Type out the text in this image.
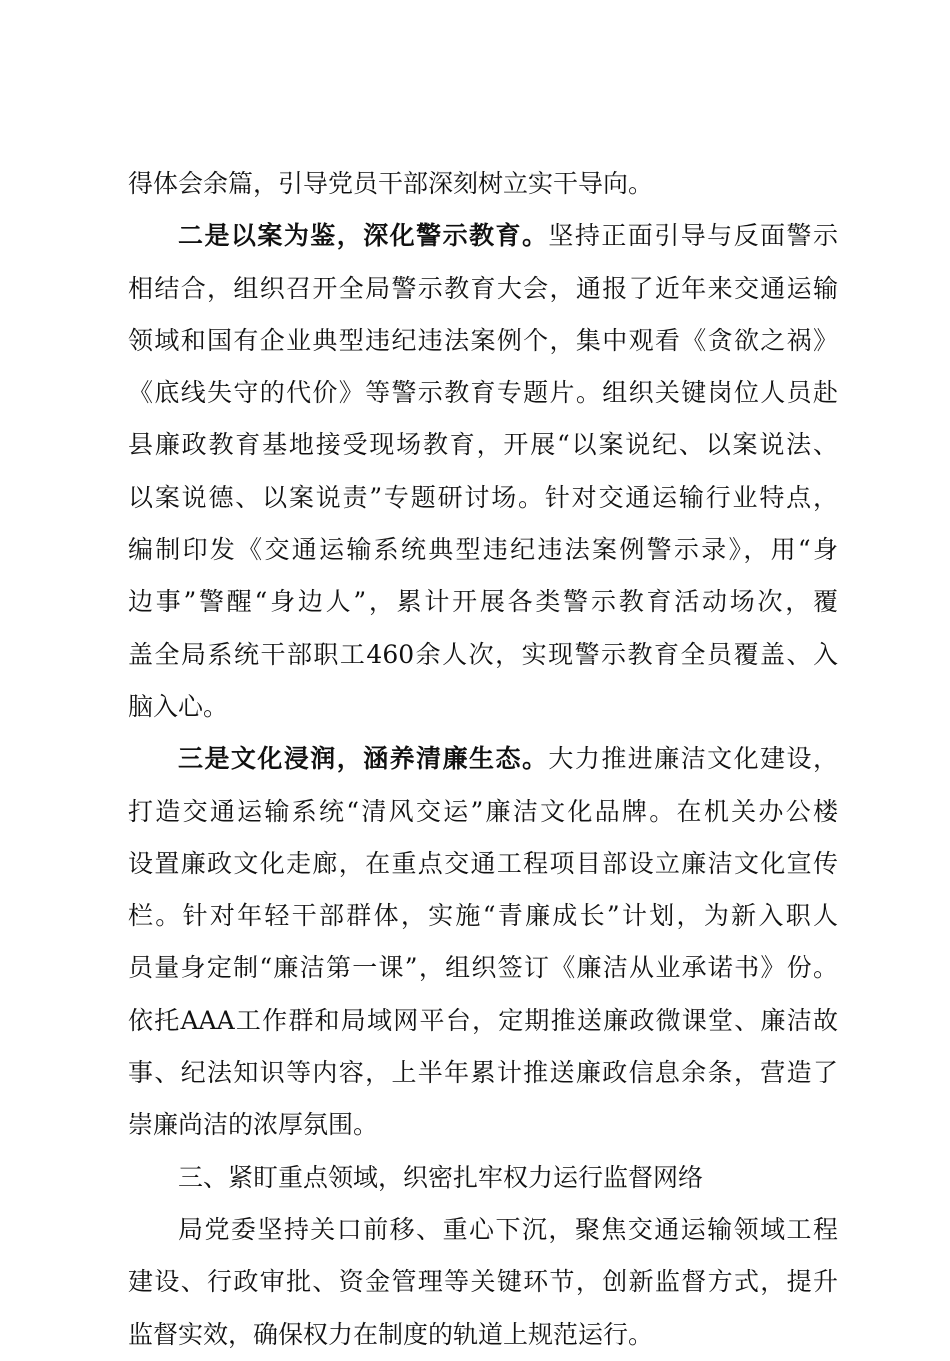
得体会余篇，引导党员干部深刻树立实干导向。
二是以案为鉴，深化警示教育。坚持正面引导与反面警示
相结合，组织召开全局警示教育大会，通报了近年来交通运输
领域和国有企业典型违纪违法案例个，集中观看《贪欲之祸》
《底线失守的代价》等警示教育专题片。组织关键岗位人员赴
县廉政教育基地接受现场教育，开展“以案说纪、以案说法、
以案说德、以案说责”专题研讨场。针对交通运输行业特点，
编制印发《交通运输系统典型违纪违法案例警示录》，用“身
边事”警醒“身边人”，累计开展各类警示教育活动场次，覆
盖全局系统干部职工460余人次，实现警示教育全员覆盖、入
脑入心。
三是文化浸润，涵养清廉生态。大力推进廉洁文化建设，
打造交通运输系统“清风交运”廉洁文化品牌。在机关办公楼
设置廉政文化走廊，在重点交通工程项目部设立廉洁文化宣传
栏。针对年轻干部群体，实施“青廉成长”计划，为新入职人
员量身定制“廉洁第一课”，组织签订《廉洁从业承诺书》份。
依托AAA工作群和局域网平台，定期推送廉政微课堂、廉洁故
事、纪法知识等内容，上半年累计推送廉政信息余条，营造了
崇廉尚洁的浓厚氛围。
三、紧盯重点领域，织密扎牢权力运行监督网络
局党委坚持关口前移、重心下沉，聚焦交通运输领域工程
建设、行政审批、资金管理等关键环节，创新监督方式，提升
监督实效，确保权力在制度的轨道上规范运行。
